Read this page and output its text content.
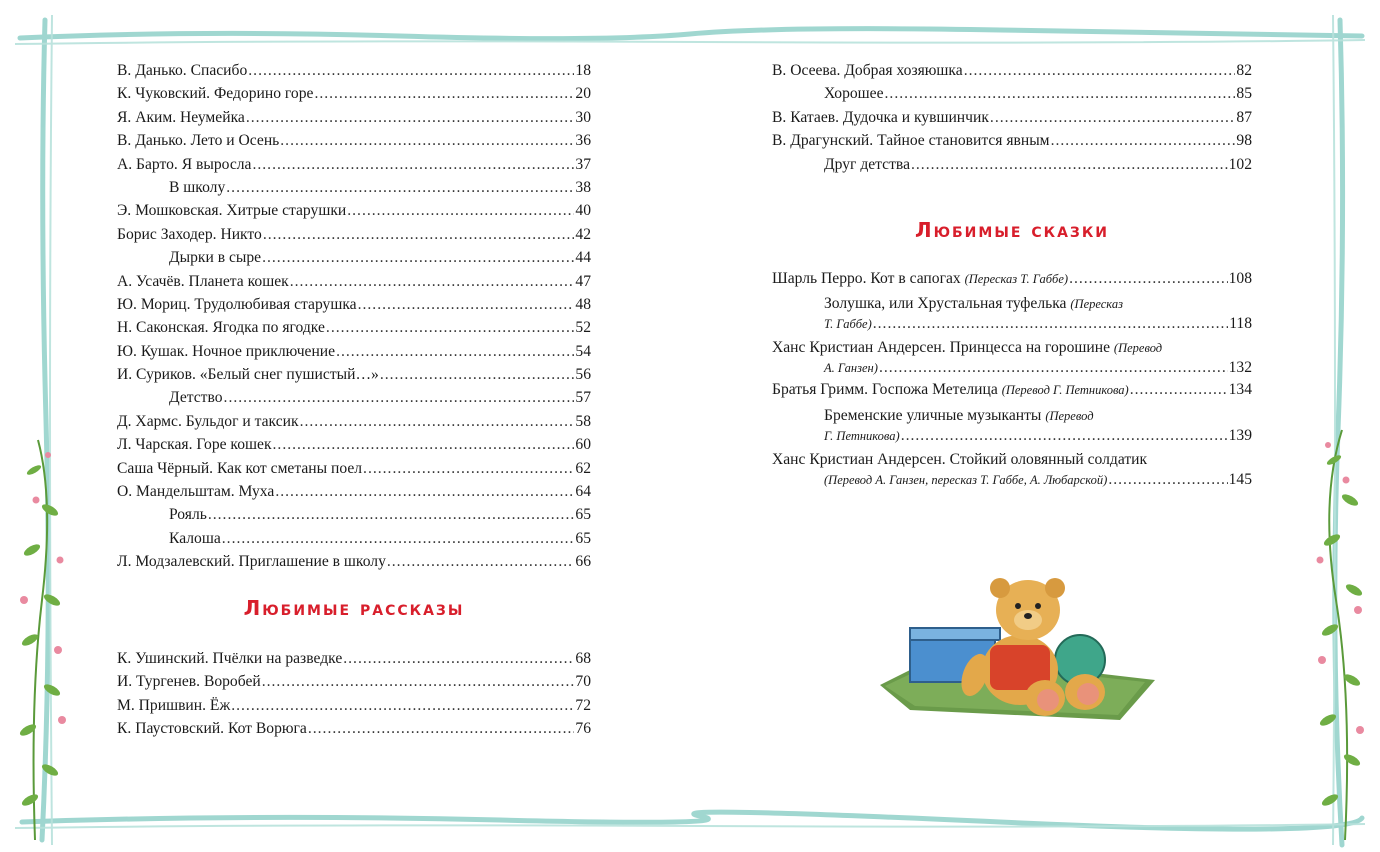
В. Данько. Спасибо .....	18
К. Чуковский. Федорино горе .....	20
Я. Аким. Неумейка .....	30
В. Данько. Лето и Осень .....	36
А. Барто. Я выросла .....	37
В школу .....	38
Э. Мошковская. Хитрые старушки .....	40
Борис Заходер. Никто .....	42
Дырки в сыре .....	44
А. Усачёв. Планета кошек .....	47
Ю. Мориц. Трудолюбивая старушка .....	48
Н. Саконская. Ягодка по ягодке .....	52
Ю. Кушак. Ночное приключение .....	54
И. Суриков. «Белый снег пушистый…» .....	56
Детство .....	57
Д. Хармс. Бульдог и таксик .....	58
Л. Чарская. Горе кошек .....	60
Саша Чёрный. Как кот сметаны поел .....	62
О. Мандельштам. Муха .....	64
Рояль .....	65
Калоша .....	65
Л. Модзалевский. Приглашение в школу .....	66
Любимые рассказы
К. Ушинский. Пчёлки на разведке .....	68
И. Тургенев. Воробей .....	70
М. Пришвин. Ёж .....	72
К. Паустовский. Кот Ворюга .....	76
В. Осеева. Добрая хозяюшка .....	82
Хорошее .....	85
В. Катаев. Дудочка и кувшинчик .....	87
В. Драгунский. Тайное становится явным .....	98
Друг детства .....	102
Любимые сказки
Шарль Перро. Кот в сапогах (Пересказ Т. Габбе) .....	108
Золушка, или Хрустальная туфелька (Пересказ
Т. Габбе) .....	118
Ханс Кристиан Андерсен. Принцесса на горошине (Перевод
А. Ганзен) .....	132
Братья Гримм. Госпожа Метелица (Перевод Г. Петникова) .....	134
Бременские уличные музыканты (Перевод
Г. Петникова) .....	139
Ханс Кристиан Андерсен. Стойкий оловянный солдатик
(Перевод А. Ганзен, пересказ Т. Габбе, А. Любарской) .....	145
